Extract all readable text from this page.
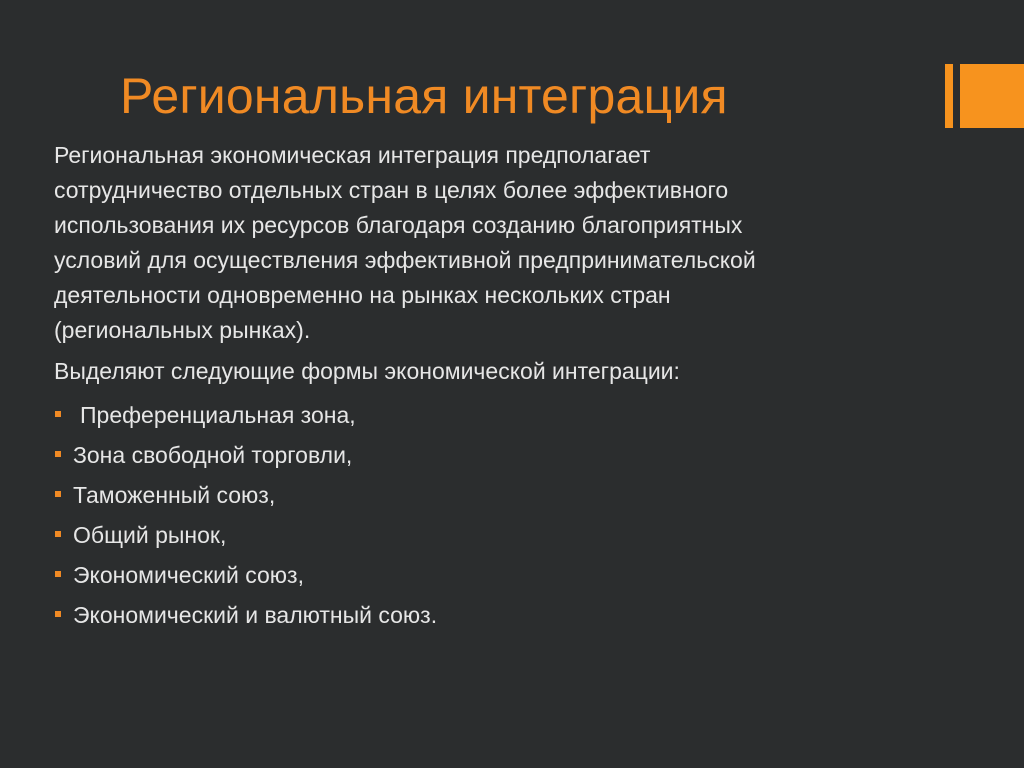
Региональная интеграция
Региональная экономическая интеграция предполагает
сотрудничество отдельных стран в целях более эффективного
использования их ресурсов благодаря созданию благоприятных
условий для осуществления эффективной предпринимательской
деятельности одновременно на рынках нескольких стран
(региональных рынках).
Выделяют следующие формы экономической интеграции:
Преференциальная зона,
Зона свободной торговли,
Таможенный союз,
Общий рынок,
Экономический союз,
Экономический и валютный союз.
